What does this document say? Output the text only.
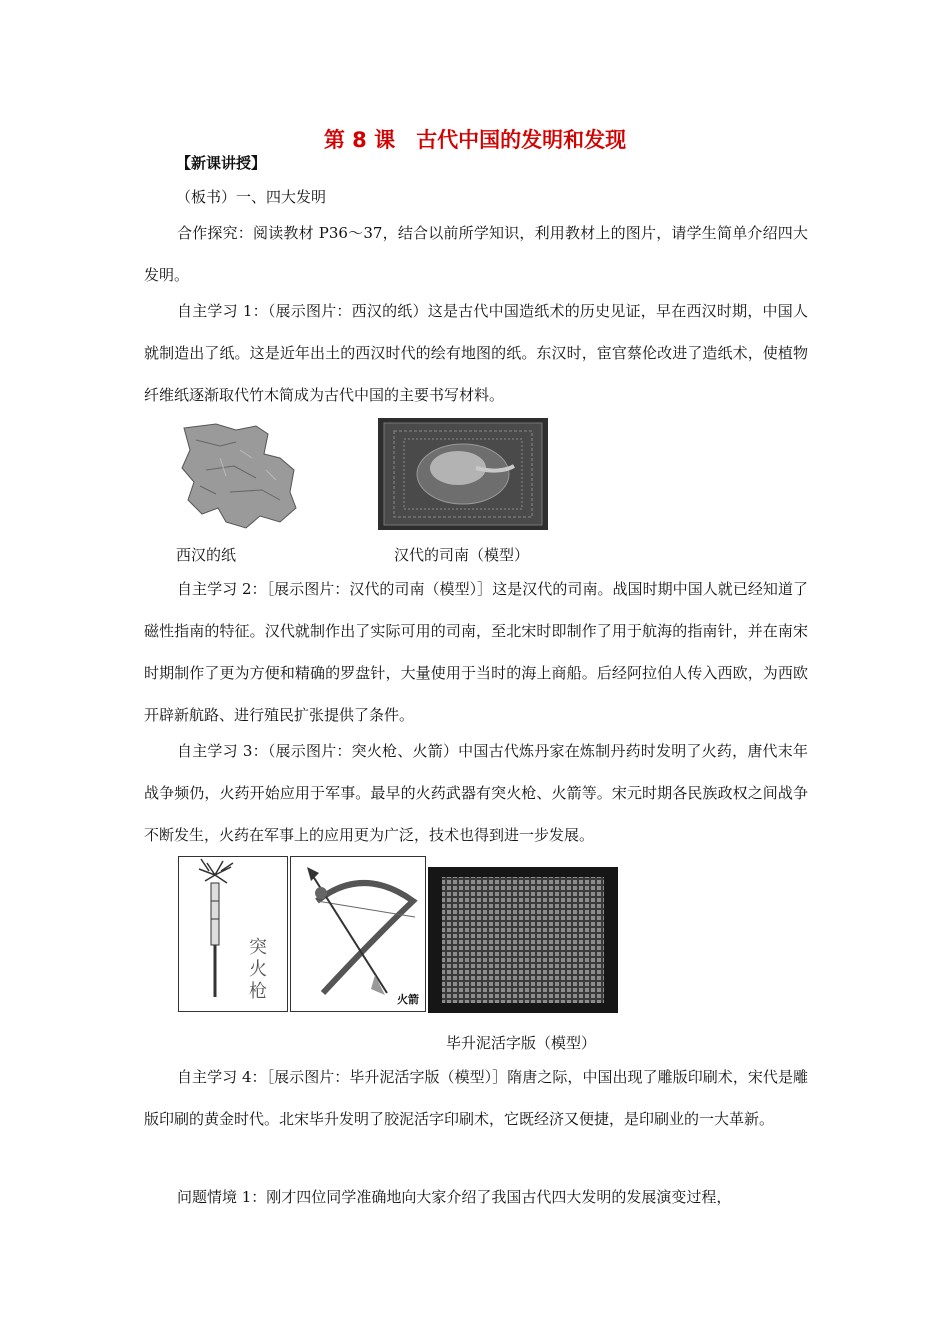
第 8 课　古代中国的发明和发现
【新课讲授】
（板书）一、四大发明

合作探究：阅读教材 P36～37，结合以前所学知识，利用教材上的图片，请学生简单介绍四大发明。

自主学习 1：（展示图片：西汉的纸）这是古代中国造纸术的历史见证，早在西汉时期，中国人就制造出了纸。这是近年出土的西汉时代的绘有地图的纸。东汉时，宦官蔡伦改进了造纸术，使植物纤维纸逐渐取代竹木简成为古代中国的主要书写材料。

西汉的纸	汉代的司南（模型）

自主学习 2：［展示图片：汉代的司南（模型）］这是汉代的司南。战国时期中国人就已经知道了磁性指南的特征。汉代就制作出了实际可用的司南，至北宋时即制作了用于航海的指南针，并在南宋时期制作了更为方便和精确的罗盘针，大量使用于当时的海上商船。后经阿拉伯人传入西欧，为西欧开辟新航路、进行殖民扩张提供了条件。

自主学习 3：（展示图片：突火枪、火箭）中国古代炼丹家在炼制丹药时发明了火药，唐代末年战争频仍，火药开始应用于军事。最早的火药武器有突火枪、火箭等。宋元时期各民族政权之间战争不断发生，火药在军事上的应用更为广泛，技术也得到进一步发展。

突火枪	火箭
毕升泥活字版（模型）

自主学习 4：［展示图片：毕升泥活字版（模型）］隋唐之际，中国出现了雕版印刷术，宋代是雕版印刷的黄金时代。北宋毕升发明了胶泥活字印刷术，它既经济又便捷，是印刷业的一大革新。

问题情境 1：刚才四位同学准确地向大家介绍了我国古代四大发明的发展演变过程，
